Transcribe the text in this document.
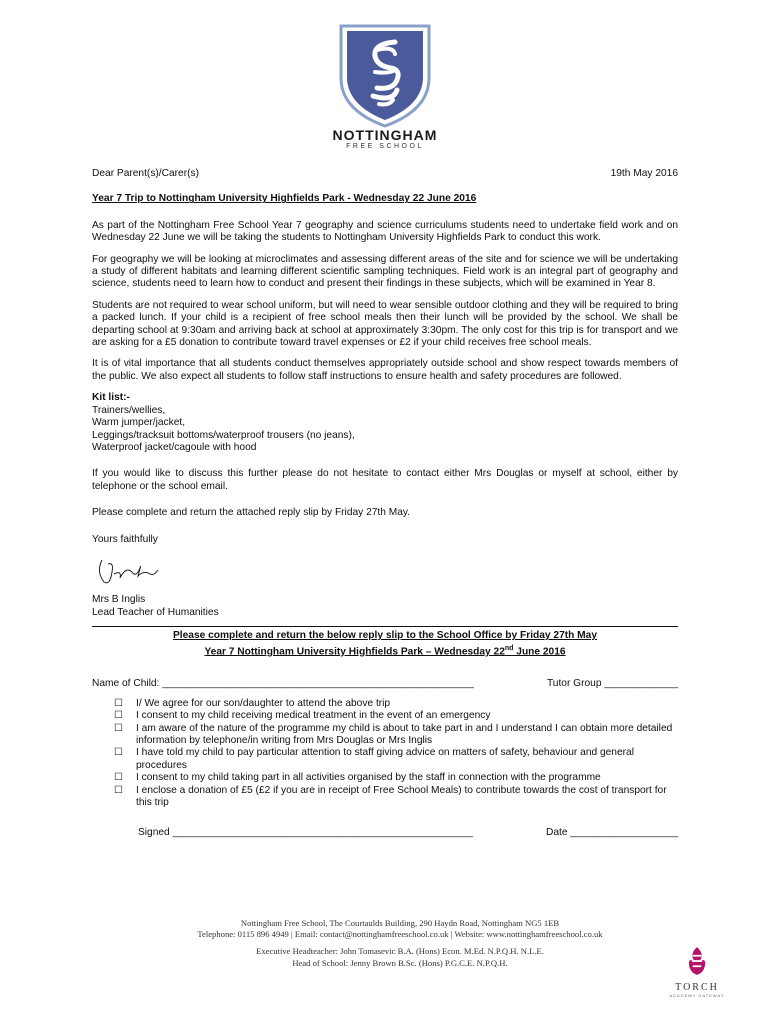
NOTTINGHAM
FREE SCHOOL
Dear Parent(s)/Carer(s)	19th May 2016
Year 7 Trip to Nottingham University Highfields Park - Wednesday 22 June 2016
As part of the Nottingham Free School Year 7 geography and science curriculums students need to undertake field work and on Wednesday 22 June we will be taking the students to Nottingham University Highfields Park to conduct this work.
For geography we will be looking at microclimates and assessing different areas of the site and for science we will be undertaking a study of different habitats and learning different scientific sampling techniques. Field work is an integral part of geography and science, students need to learn how to conduct and present their findings in these subjects, which will be examined in Year 8.
Students are not required to wear school uniform, but will need to wear sensible outdoor clothing and they will be required to bring a packed lunch. If your child is a recipient of free school meals then their lunch will be provided by the school. We shall be departing school at 9:30am and arriving back at school at approximately 3:30pm. The only cost for this trip is for transport and we are asking for a £5 donation to contribute toward travel expenses or £2 if your child receives free school meals.
It is of vital importance that all students conduct themselves appropriately outside school and show respect towards members of the public. We also expect all students to follow staff instructions to ensure health and safety procedures are followed.
Kit list:-
Trainers/wellies,
Warm jumper/jacket,
Leggings/tracksuit bottoms/waterproof trousers (no jeans),
Waterproof jacket/cagoule with hood
If you would like to discuss this further please do not hesitate to contact either Mrs Douglas or myself at school, either by telephone or the school email.
Please complete and return the attached reply slip by Friday 27th May.
Yours faithfully
Mrs B Inglis
Lead Teacher of Humanities
Please complete and return the below reply slip to the School Office by Friday 27th May
Year 7 Nottingham University Highfields Park – Wednesday 22nd June 2016
Name of Child: _______________________________________________________	Tutor Group _____________
☐	I/ We agree for our son/daughter to attend the above trip
☐	I consent to my child receiving medical treatment in the event of an emergency
☐	I am aware of the nature of the programme my child is about to take part in and I understand I can obtain more detailed information by telephone/in writing from Mrs Douglas or Mrs Inglis
☐	I have told my child to pay particular attention to staff giving advice on matters of safety, behaviour and general procedures
☐	I consent to my child taking part in all activities organised by the staff in connection with the programme
☐	I enclose a donation of £5 (£2 if you are in receipt of Free School Meals) to contribute towards the cost of transport for this trip
Signed _____________________________________________________	Date ___________________
Nottingham Free School, The Courtaulds Building, 290 Haydn Road, Nottingham NG5 1EB
Telephone: 0115 896 4949 | Email: contact@nottinghamfreeschool.co.uk | Website: www.nottinghamfreeschool.co.uk
Executive Headteacher: John Tomasevic B.A. (Hons) Econ. M.Ed. N.P.Q.H. N.L.E.
Head of School: Jenny Brown B.Sc. (Hons) P.G.C.E. N.P.Q.H.
TORCH
ACADEMY GATEWAY
